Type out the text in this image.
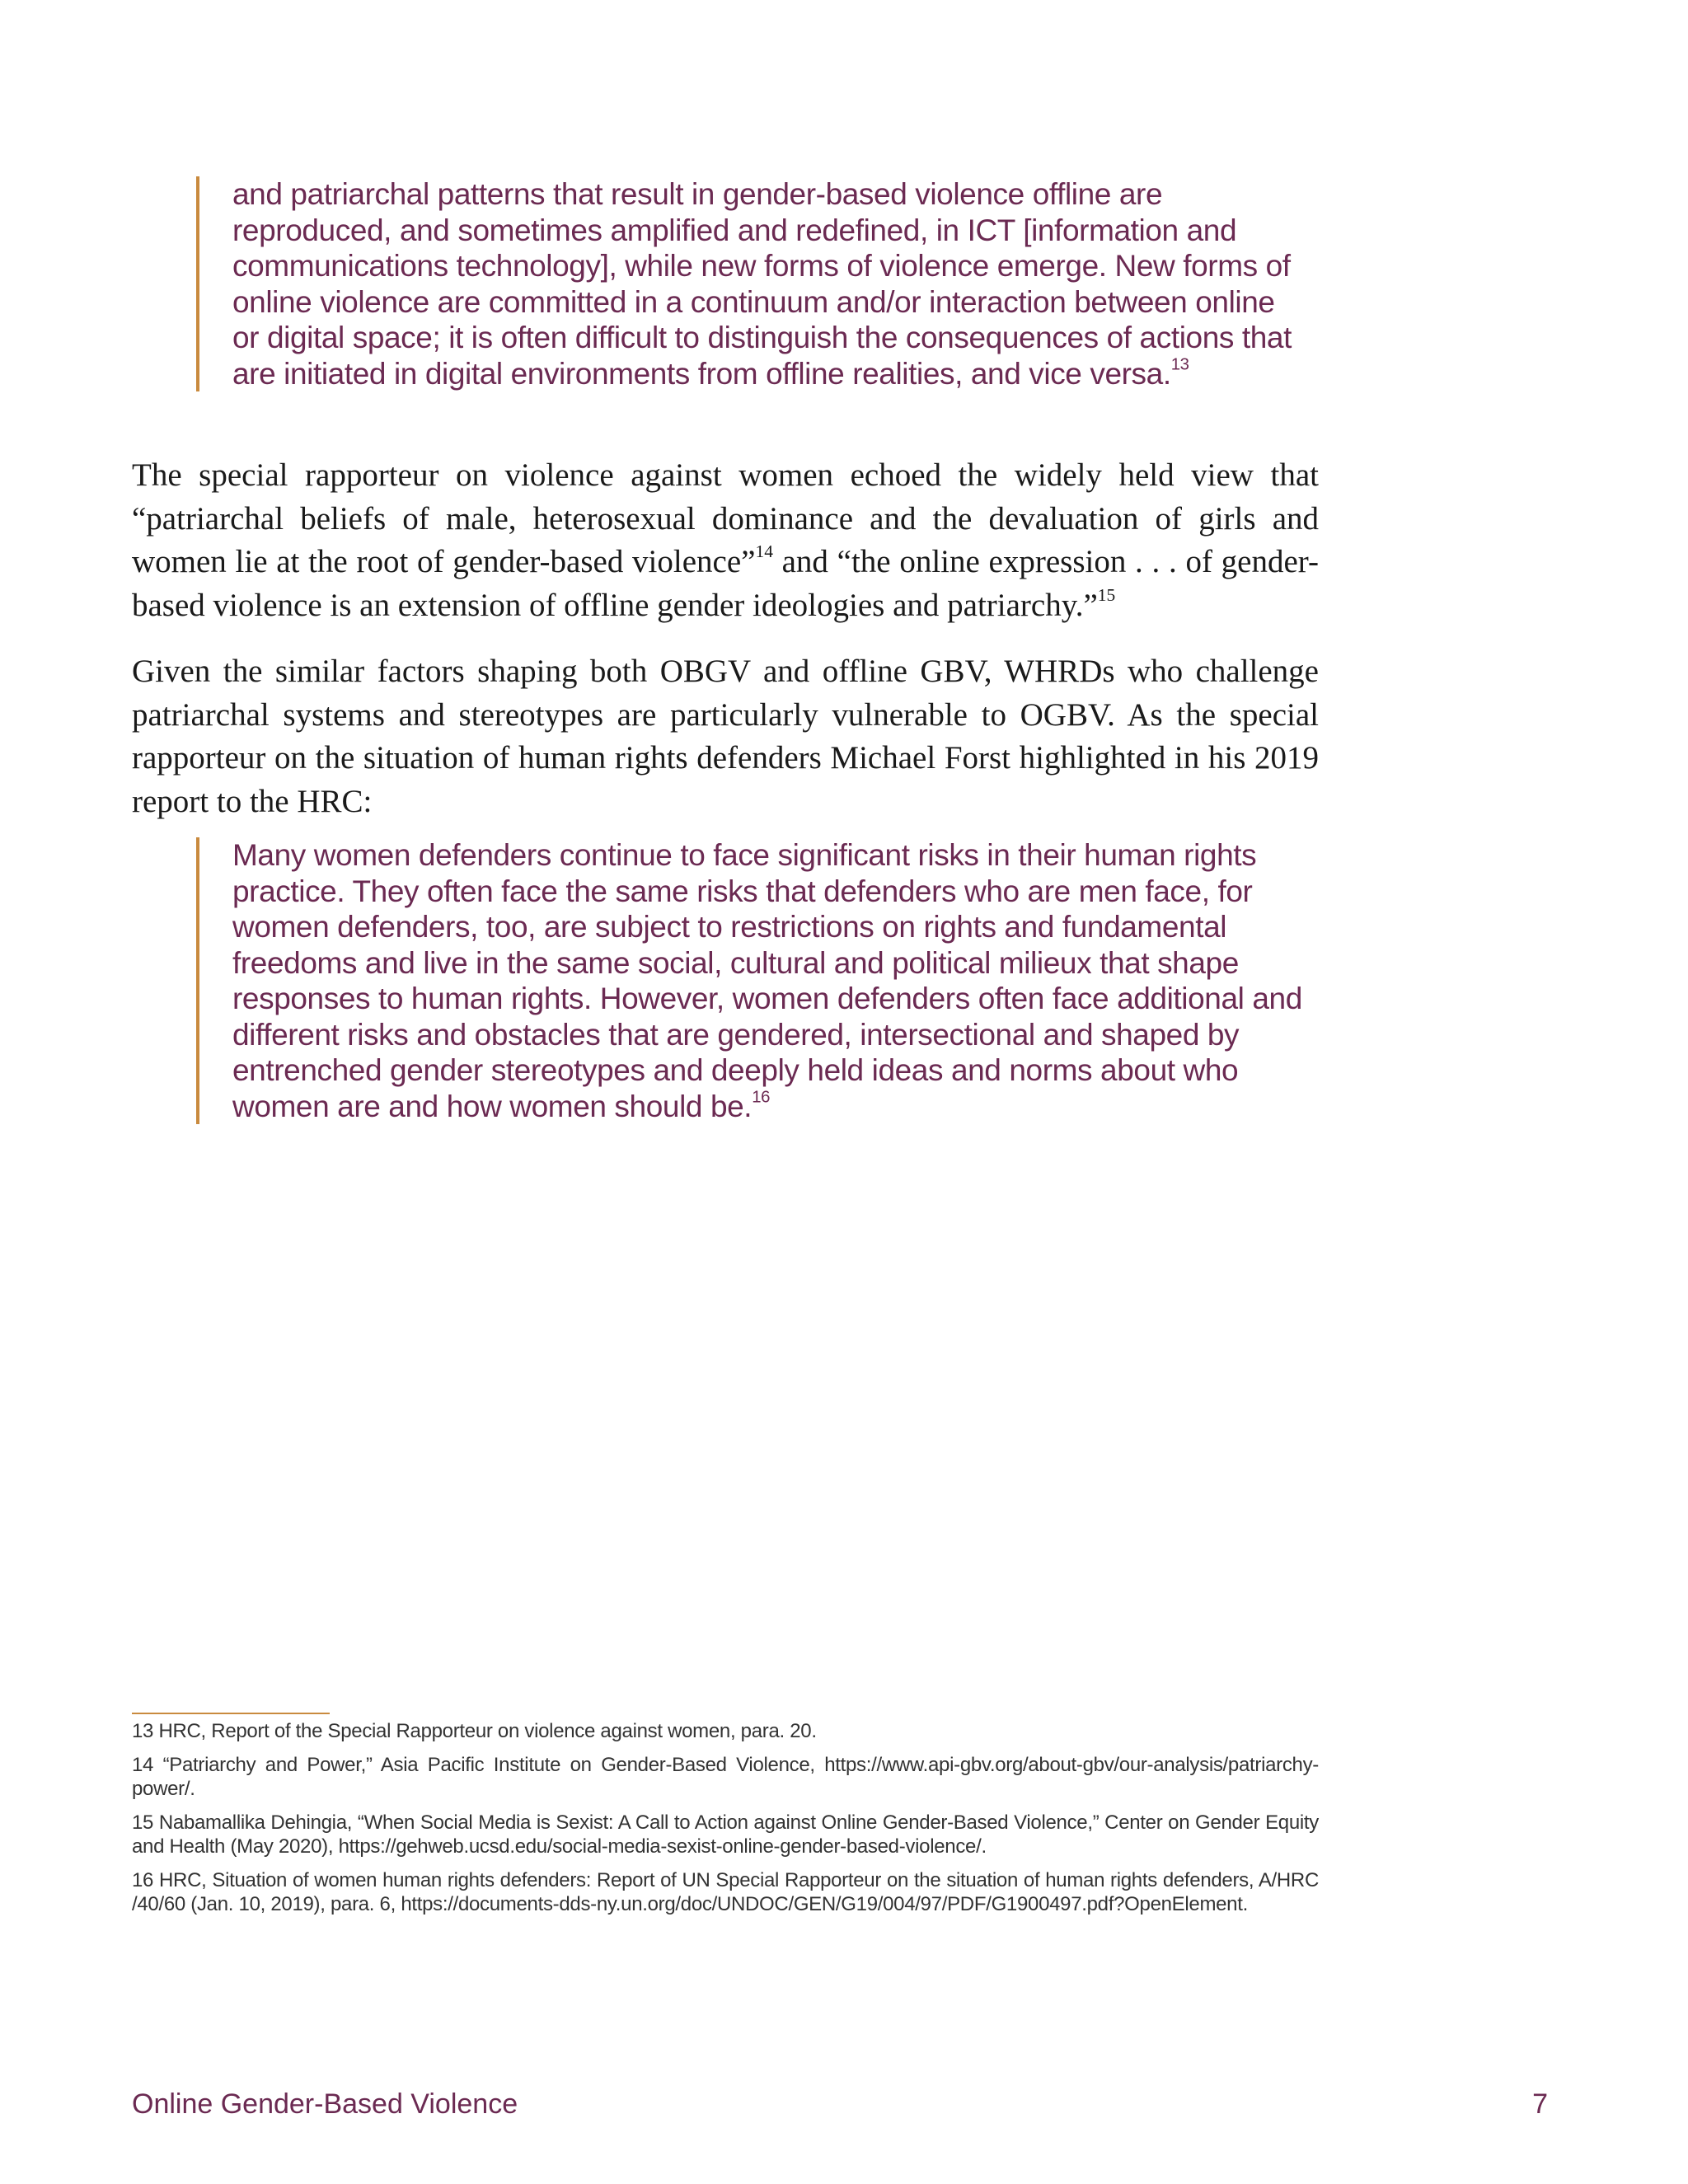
and patriarchal patterns that result in gender-based violence offline are reproduced, and sometimes amplified and redefined, in ICT [information and communications technology], while new forms of violence emerge. New forms of online violence are committed in a continuum and/or interaction between online or digital space; it is often difficult to distinguish the consequences of actions that are initiated in digital environments from offline realities, and vice versa.$^{13}$

The special rapporteur on violence against women echoed the widely held view that “patriarchal beliefs of male, heterosexual dominance and the devaluation of girls and women lie at the root of gender-based violence”$^{14}$ and “the online expression . . . of gender-based violence is an extension of offline gender ideologies and patriarchy.”$^{15}$

Given the similar factors shaping both OBGV and offline GBV, WHRDs who challenge patriarchal systems and stereotypes are particularly vulnerable to OGBV. As the special rapporteur on the situation of human rights defenders Michael Forst highlighted in his 2019 report to the HRC:

Many women defenders continue to face significant risks in their human rights practice. They often face the same risks that defenders who are men face, for women defenders, too, are subject to restrictions on rights and fundamental freedoms and live in the same social, cultural and political milieux that shape responses to human rights. However, women defenders often face additional and different risks and obstacles that are gendered, intersectional and shaped by entrenched gender stereotypes and deeply held ideas and norms about who women are and how women should be.$^{16}$

13 HRC, Report of the Special Rapporteur on violence against women, para. 20.

14 “Patriarchy and Power,” Asia Pacific Institute on Gender-Based Violence, https://www.api-gbv.org/about-gbv/our-analysis/patriarchy-power/.

15 Nabamallika Dehingia, “When Social Media is Sexist: A Call to Action against Online Gender-Based Violence,” Center on Gender Equity and Health (May 2020), https://gehweb.ucsd.edu/social-media-sexist-online-gender-based-violence/.

16 HRC, Situation of women human rights defenders: Report of UN Special Rapporteur on the situation of human rights defenders, A/HRC /40/60 (Jan. 10, 2019), para. 6, https://documents-dds-ny.un.org/doc/UNDOC/GEN/G19/004/97/PDF/G1900497.pdf?OpenElement.

Online Gender-Based Violence	7
